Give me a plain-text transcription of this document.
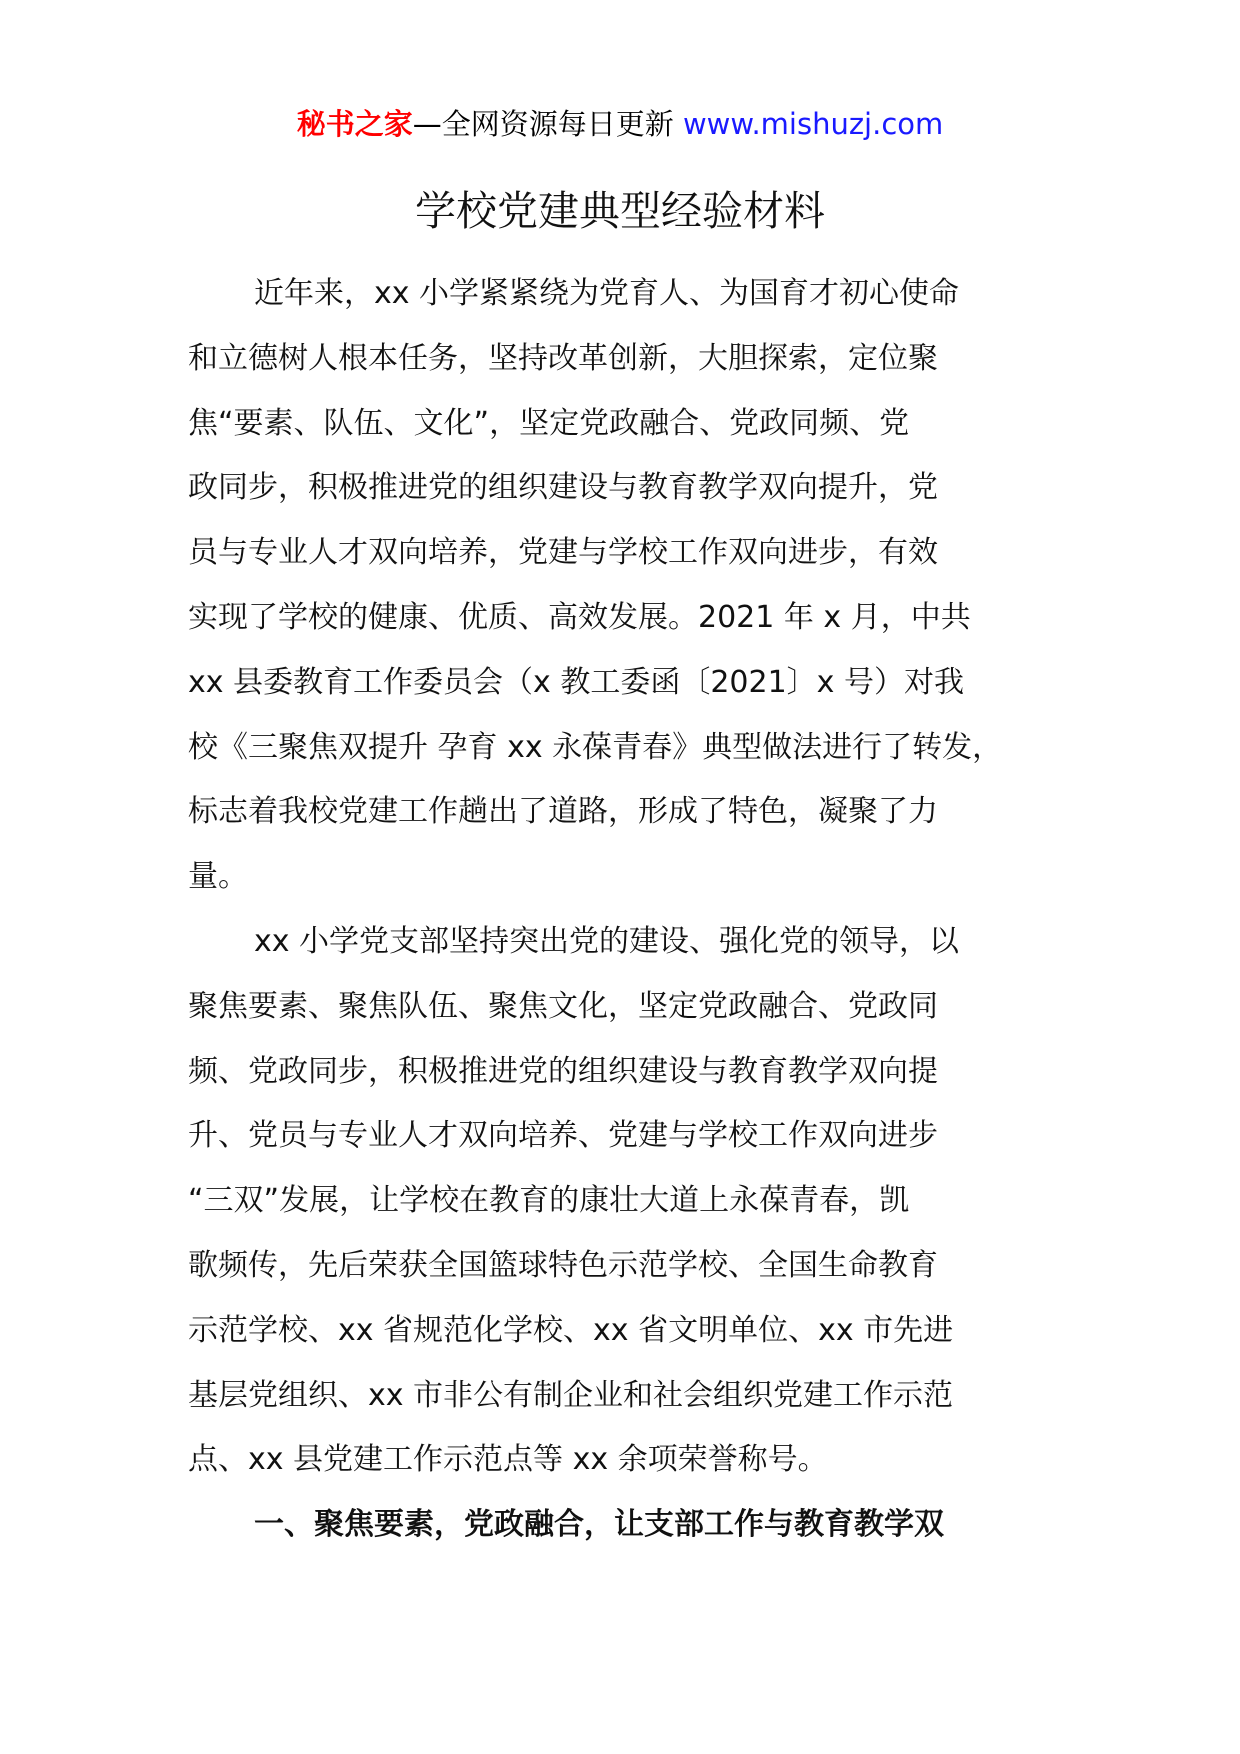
秘书之家—全网资源每日更新 www.mishuzj.com
学校党建典型经验材料
近年来，xx 小学紧紧绕为党育人、为国育才初心使命
和立德树人根本任务，坚持改革创新，大胆探索，定位聚
焦“要素、队伍、文化”，坚定党政融合、党政同频、党
政同步，积极推进党的组织建设与教育教学双向提升，党
员与专业人才双向培养，党建与学校工作双向进步，有效
实现了学校的健康、优质、高效发展。2021 年 x 月，中共
xx 县委教育工作委员会（x 教工委函〔2021〕x 号）对我
校《三聚焦双提升 孕育 xx 永葆青春》典型做法进行了转发，
标志着我校党建工作趟出了道路，形成了特色，凝聚了力
量。
xx 小学党支部坚持突出党的建设、强化党的领导，以
聚焦要素、聚焦队伍、聚焦文化，坚定党政融合、党政同
频、党政同步，积极推进党的组织建设与教育教学双向提
升、党员与专业人才双向培养、党建与学校工作双向进步
“三双”发展，让学校在教育的康壮大道上永葆青春，凯
歌频传，先后荣获全国篮球特色示范学校、全国生命教育
示范学校、xx 省规范化学校、xx 省文明单位、xx 市先进
基层党组织、xx 市非公有制企业和社会组织党建工作示范
点、xx 县党建工作示范点等 xx 余项荣誉称号。
一、聚焦要素，党政融合，让支部工作与教育教学双
